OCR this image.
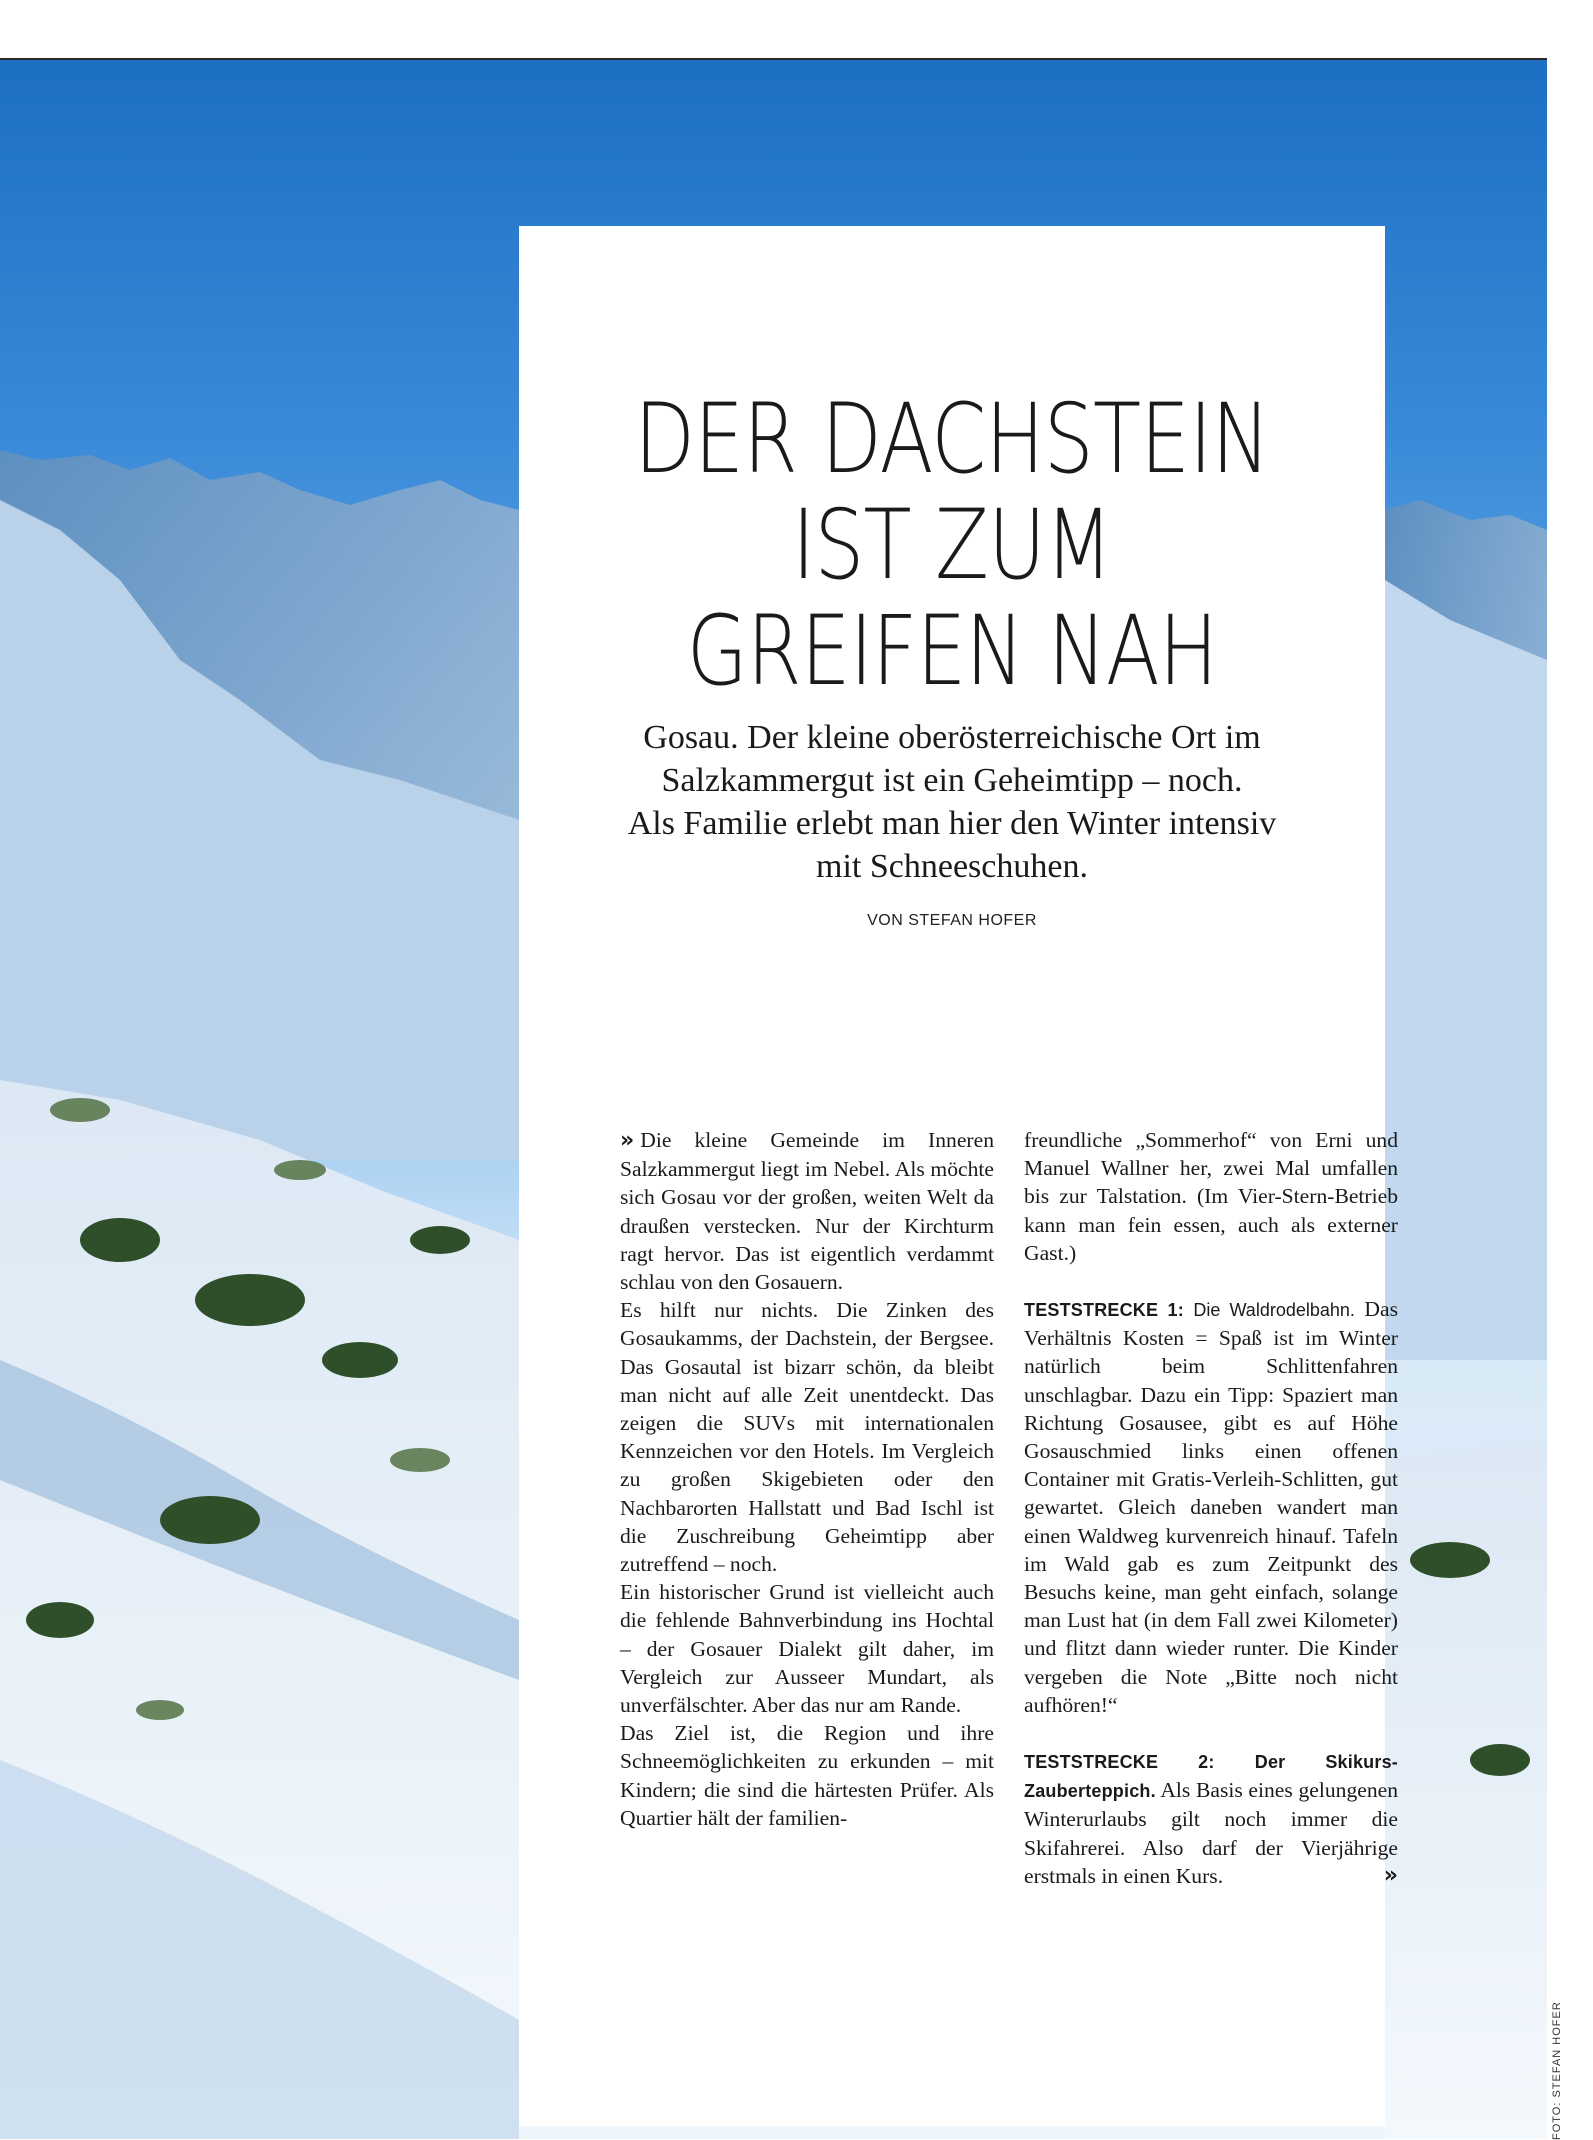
FOTO: STEFAN HOFER
DER DACHSTEIN
IST ZUM
GREIFEN NAH
Gosau. Der kleine oberösterreichische Ort im
Salzkammergut ist ein Geheimtipp – noch.
Als Familie erlebt man hier den Winter intensiv
mit Schneeschuhen.
VON STEFAN HOFER

» Die kleine Gemeinde im Inneren Salzkammergut liegt im Nebel. Als möchte sich Gosau vor der großen, weiten Welt da draußen verstecken. Nur der Kirchturm ragt hervor. Das ist eigentlich verdammt schlau von den Gosauern.

Es hilft nur nichts. Die Zinken des Gosaukamms, der Dachstein, der Bergsee. Das Gosautal ist bizarr schön, da bleibt man nicht auf alle Zeit unentdeckt. Das zeigen die SUVs mit internationalen Kennzeichen vor den Hotels. Im Vergleich zu großen Skigebieten oder den Nachbarorten Hallstatt und Bad Ischl ist die Zuschreibung Geheimtipp aber zutreffend – noch.

Ein historischer Grund ist vielleicht auch die fehlende Bahnverbindung ins Hochtal – der Gosauer Dialekt gilt daher, im Vergleich zur Ausseer Mundart, als unverfälschter. Aber das nur am Rande.

Das Ziel ist, die Region und ihre Schneemöglichkeiten zu erkunden – mit Kindern; die sind die härtesten Prüfer. Als Quartier hält der familien-

freundliche „Sommerhof“ von Erni und Manuel Wallner her, zwei Mal umfallen bis zur Talstation. (Im Vier-Stern-Betrieb kann man fein essen, auch als externer Gast.)

TESTSTRECKE 1: Die Waldrodelbahn. Das Verhältnis Kosten = Spaß ist im Winter natürlich beim Schlittenfahren unschlagbar. Dazu ein Tipp: Spaziert man Richtung Gosausee, gibt es auf Höhe Gosauschmied links einen offenen Container mit Gratis-Verleih-Schlitten, gut gewartet. Gleich daneben wandert man einen Waldweg kurvenreich hinauf. Tafeln im Wald gab es zum Zeitpunkt des Besuchs keine, man geht einfach, solange man Lust hat (in dem Fall zwei Kilometer) und flitzt dann wieder runter. Die Kinder vergeben die Note „Bitte noch nicht aufhören!“

TESTSTRECKE 2: Der Skikurs-Zauberteppich. Als Basis eines gelungenen Winterurlaubs gilt noch immer die Skifahrerei. Also darf der Vierjährige erstmals in einen Kurs.	»
